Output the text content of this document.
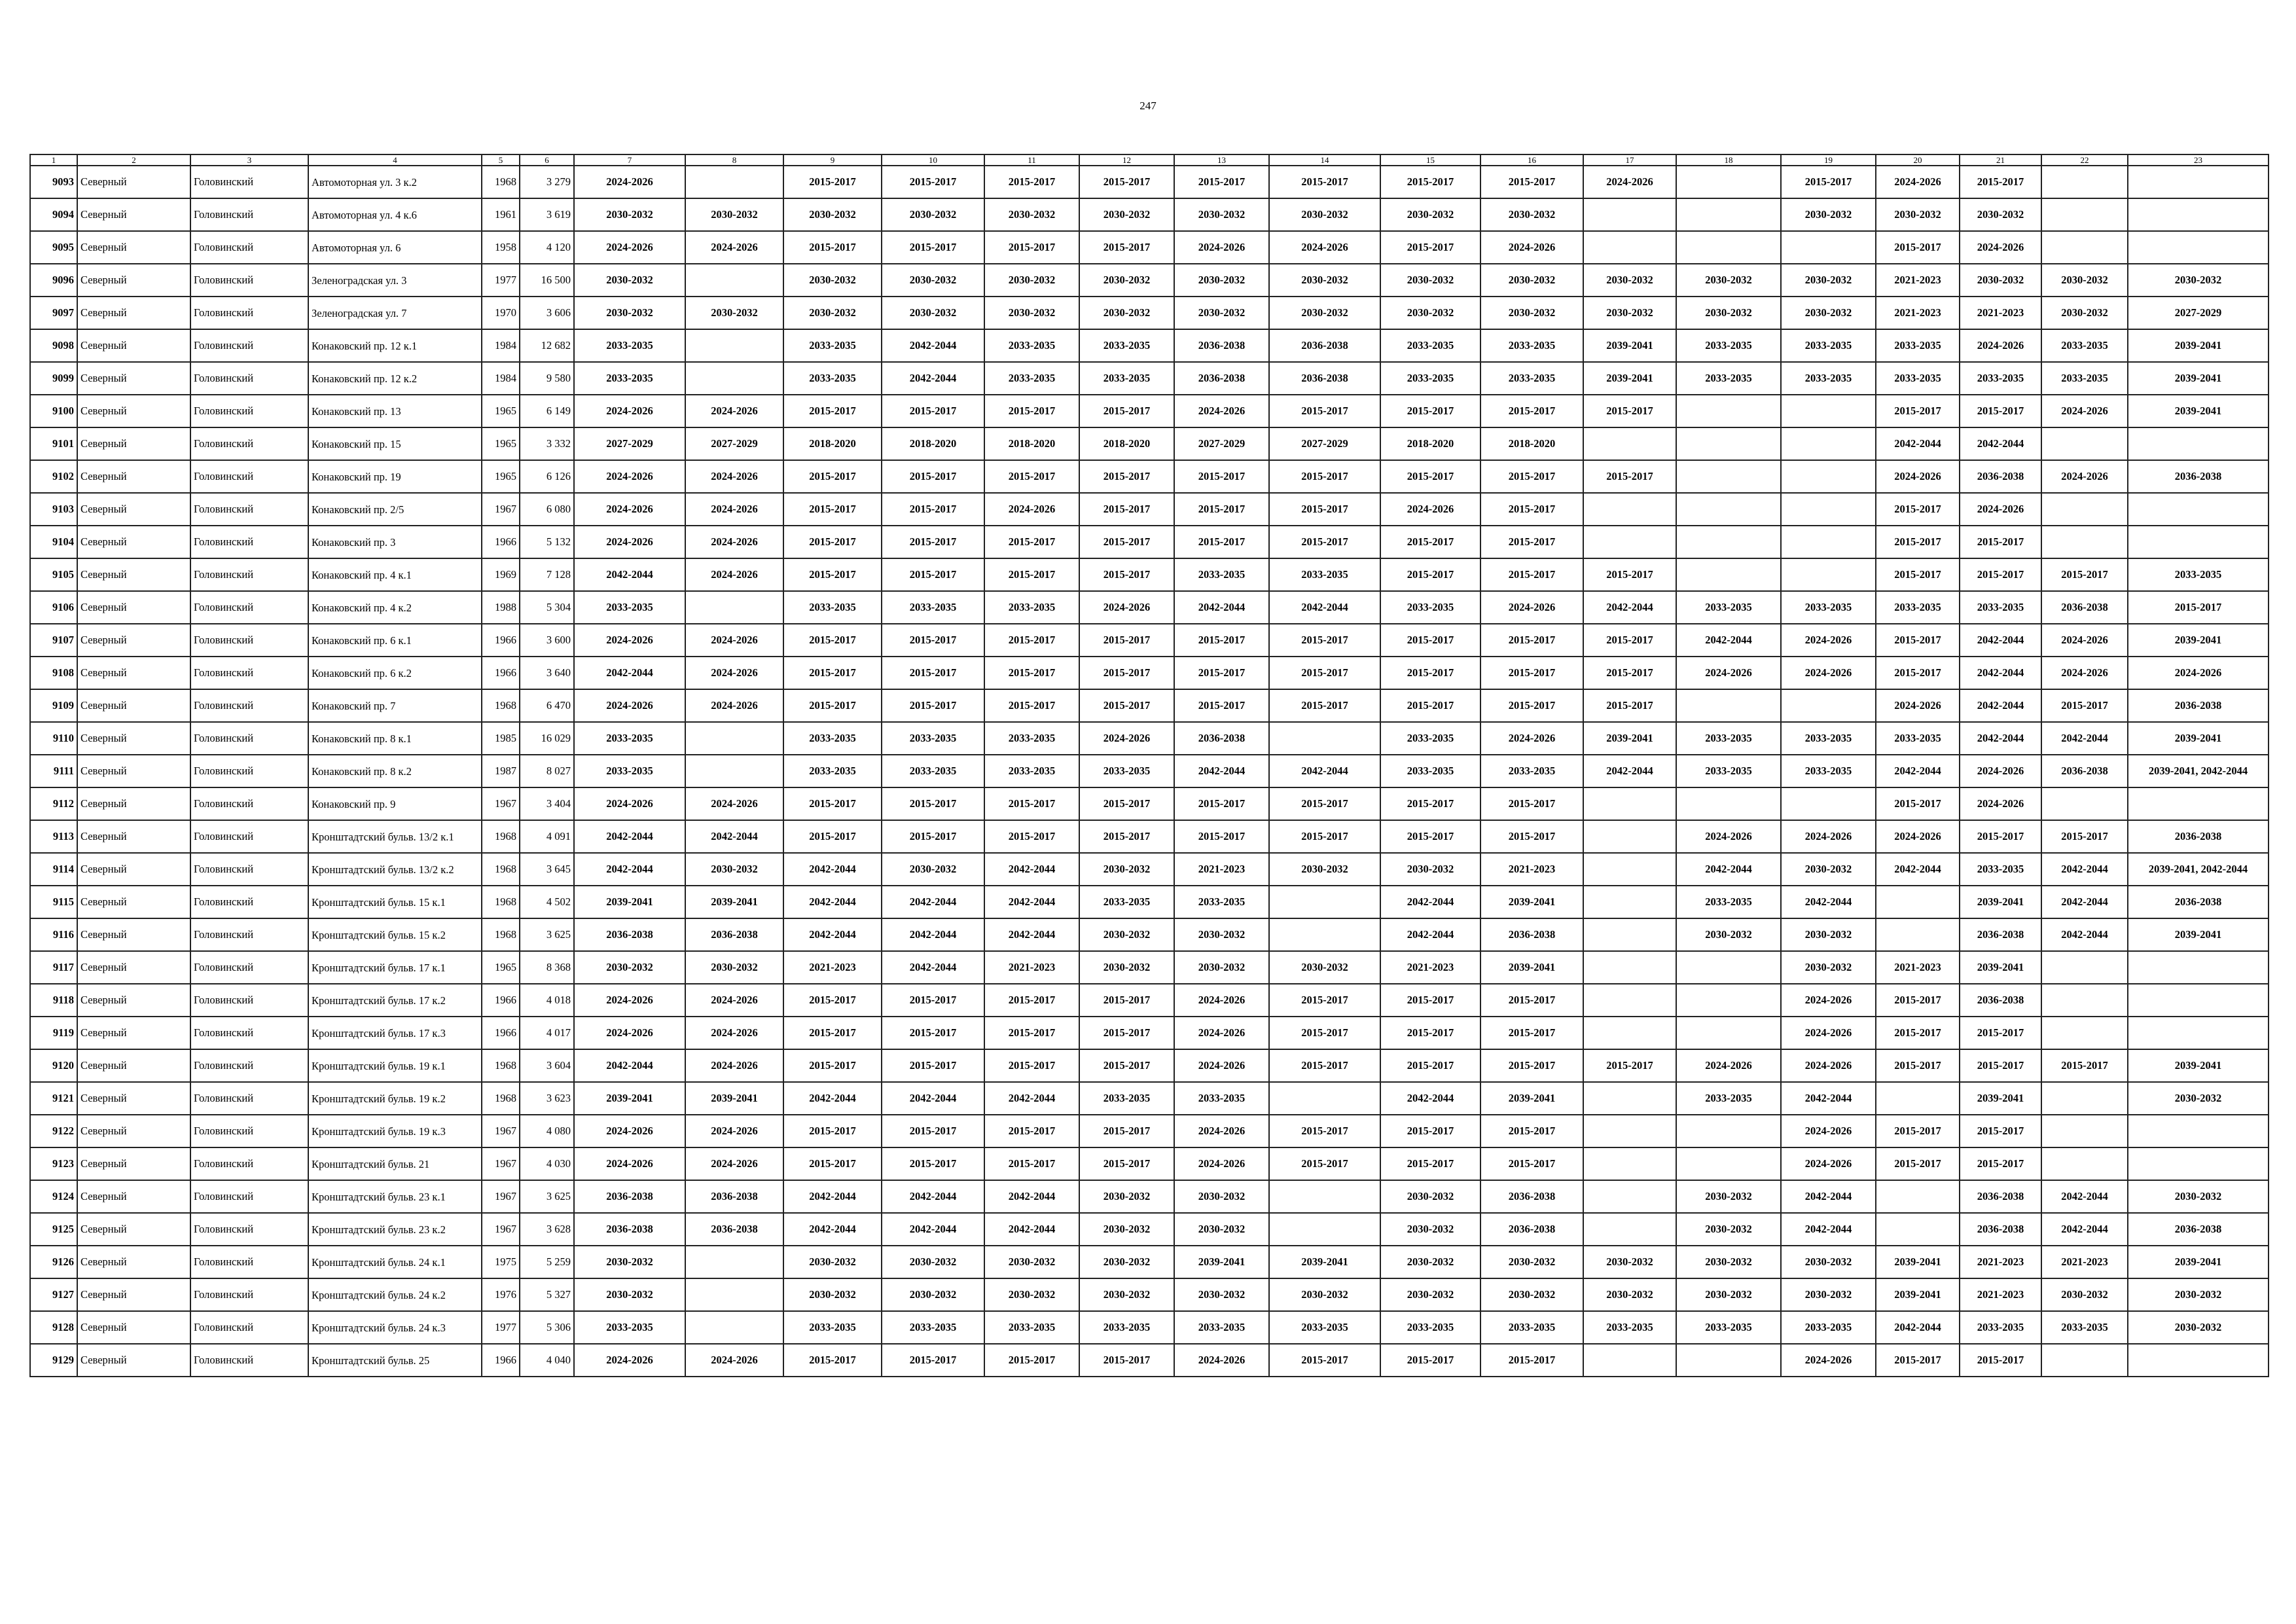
247
1	2	3	4	5	6	7	8	9	10	11	12	13	14	15	16	17	18	19	20	21	22	23
9093	Северный	Головинский	Автомоторная ул. 3 к.2	1968	3 279	2024-2026		2015-2017	2015-2017	2015-2017	2015-2017	2015-2017	2015-2017	2015-2017	2015-2017	2024-2026		2015-2017	2024-2026	2015-2017		
9094	Северный	Головинский	Автомоторная ул. 4 к.6	1961	3 619	2030-2032	2030-2032	2030-2032	2030-2032	2030-2032	2030-2032	2030-2032	2030-2032	2030-2032	2030-2032			2030-2032	2030-2032	2030-2032		
9095	Северный	Головинский	Автомоторная ул. 6	1958	4 120	2024-2026	2024-2026	2015-2017	2015-2017	2015-2017	2015-2017	2024-2026	2024-2026	2015-2017	2024-2026				2015-2017	2024-2026		
9096	Северный	Головинский	Зеленоградская ул. 3	1977	16 500	2030-2032		2030-2032	2030-2032	2030-2032	2030-2032	2030-2032	2030-2032	2030-2032	2030-2032	2030-2032	2030-2032	2030-2032	2021-2023	2030-2032	2030-2032	2030-2032
9097	Северный	Головинский	Зеленоградская ул. 7	1970	3 606	2030-2032	2030-2032	2030-2032	2030-2032	2030-2032	2030-2032	2030-2032	2030-2032	2030-2032	2030-2032	2030-2032	2030-2032	2030-2032	2021-2023	2021-2023	2030-2032	2027-2029
9098	Северный	Головинский	Конаковский пр. 12 к.1	1984	12 682	2033-2035		2033-2035	2042-2044	2033-2035	2033-2035	2036-2038	2036-2038	2033-2035	2033-2035	2039-2041	2033-2035	2033-2035	2033-2035	2024-2026	2033-2035	2039-2041
9099	Северный	Головинский	Конаковский пр. 12 к.2	1984	9 580	2033-2035		2033-2035	2042-2044	2033-2035	2033-2035	2036-2038	2036-2038	2033-2035	2033-2035	2039-2041	2033-2035	2033-2035	2033-2035	2033-2035	2033-2035	2039-2041
9100	Северный	Головинский	Конаковский пр. 13	1965	6 149	2024-2026	2024-2026	2015-2017	2015-2017	2015-2017	2015-2017	2024-2026	2015-2017	2015-2017	2015-2017	2015-2017			2015-2017	2015-2017	2024-2026	2039-2041
9101	Северный	Головинский	Конаковский пр. 15	1965	3 332	2027-2029	2027-2029	2018-2020	2018-2020	2018-2020	2018-2020	2027-2029	2027-2029	2018-2020	2018-2020				2042-2044	2042-2044		
9102	Северный	Головинский	Конаковский пр. 19	1965	6 126	2024-2026	2024-2026	2015-2017	2015-2017	2015-2017	2015-2017	2015-2017	2015-2017	2015-2017	2015-2017	2015-2017			2024-2026	2036-2038	2024-2026	2036-2038
9103	Северный	Головинский	Конаковский пр. 2/5	1967	6 080	2024-2026	2024-2026	2015-2017	2015-2017	2024-2026	2015-2017	2015-2017	2015-2017	2024-2026	2015-2017				2015-2017	2024-2026		
9104	Северный	Головинский	Конаковский пр. 3	1966	5 132	2024-2026	2024-2026	2015-2017	2015-2017	2015-2017	2015-2017	2015-2017	2015-2017	2015-2017	2015-2017				2015-2017	2015-2017		
9105	Северный	Головинский	Конаковский пр. 4 к.1	1969	7 128	2042-2044	2024-2026	2015-2017	2015-2017	2015-2017	2015-2017	2033-2035	2033-2035	2015-2017	2015-2017	2015-2017			2015-2017	2015-2017	2015-2017	2033-2035
9106	Северный	Головинский	Конаковский пр. 4 к.2	1988	5 304	2033-2035		2033-2035	2033-2035	2033-2035	2024-2026	2042-2044	2042-2044	2033-2035	2024-2026	2042-2044	2033-2035	2033-2035	2033-2035	2033-2035	2036-2038	2015-2017
9107	Северный	Головинский	Конаковский пр. 6 к.1	1966	3 600	2024-2026	2024-2026	2015-2017	2015-2017	2015-2017	2015-2017	2015-2017	2015-2017	2015-2017	2015-2017	2015-2017	2042-2044	2024-2026	2015-2017	2042-2044	2024-2026	2039-2041
9108	Северный	Головинский	Конаковский пр. 6 к.2	1966	3 640	2042-2044	2024-2026	2015-2017	2015-2017	2015-2017	2015-2017	2015-2017	2015-2017	2015-2017	2015-2017	2015-2017	2024-2026	2024-2026	2015-2017	2042-2044	2024-2026	2024-2026
9109	Северный	Головинский	Конаковский пр. 7	1968	6 470	2024-2026	2024-2026	2015-2017	2015-2017	2015-2017	2015-2017	2015-2017	2015-2017	2015-2017	2015-2017	2015-2017			2024-2026	2042-2044	2015-2017	2036-2038
9110	Северный	Головинский	Конаковский пр. 8 к.1	1985	16 029	2033-2035		2033-2035	2033-2035	2033-2035	2024-2026	2036-2038		2033-2035	2024-2026	2039-2041	2033-2035	2033-2035	2033-2035	2042-2044	2042-2044	2039-2041
9111	Северный	Головинский	Конаковский пр. 8 к.2	1987	8 027	2033-2035		2033-2035	2033-2035	2033-2035	2033-2035	2042-2044	2042-2044	2033-2035	2033-2035	2042-2044	2033-2035	2033-2035	2042-2044	2024-2026	2036-2038	2039-2041, 2042-2044
9112	Северный	Головинский	Конаковский пр. 9	1967	3 404	2024-2026	2024-2026	2015-2017	2015-2017	2015-2017	2015-2017	2015-2017	2015-2017	2015-2017	2015-2017				2015-2017	2024-2026		
9113	Северный	Головинский	Кронштадтский бульв. 13/2 к.1	1968	4 091	2042-2044	2042-2044	2015-2017	2015-2017	2015-2017	2015-2017	2015-2017	2015-2017	2015-2017	2015-2017		2024-2026	2024-2026	2024-2026	2015-2017	2015-2017	2036-2038
9114	Северный	Головинский	Кронштадтский бульв. 13/2 к.2	1968	3 645	2042-2044	2030-2032	2042-2044	2030-2032	2042-2044	2030-2032	2021-2023	2030-2032	2030-2032	2021-2023		2042-2044	2030-2032	2042-2044	2033-2035	2042-2044	2039-2041, 2042-2044
9115	Северный	Головинский	Кронштадтский бульв. 15 к.1	1968	4 502	2039-2041	2039-2041	2042-2044	2042-2044	2042-2044	2033-2035	2033-2035		2042-2044	2039-2041		2033-2035	2042-2044		2039-2041	2042-2044	2036-2038
9116	Северный	Головинский	Кронштадтский бульв. 15 к.2	1968	3 625	2036-2038	2036-2038	2042-2044	2042-2044	2042-2044	2030-2032	2030-2032		2042-2044	2036-2038		2030-2032	2030-2032		2036-2038	2042-2044	2039-2041
9117	Северный	Головинский	Кронштадтский бульв. 17 к.1	1965	8 368	2030-2032	2030-2032	2021-2023	2042-2044	2021-2023	2030-2032	2030-2032	2030-2032	2021-2023	2039-2041			2030-2032	2021-2023	2039-2041		
9118	Северный	Головинский	Кронштадтский бульв. 17 к.2	1966	4 018	2024-2026	2024-2026	2015-2017	2015-2017	2015-2017	2015-2017	2024-2026	2015-2017	2015-2017	2015-2017			2024-2026	2015-2017	2036-2038		
9119	Северный	Головинский	Кронштадтский бульв. 17 к.3	1966	4 017	2024-2026	2024-2026	2015-2017	2015-2017	2015-2017	2015-2017	2024-2026	2015-2017	2015-2017	2015-2017			2024-2026	2015-2017	2015-2017		
9120	Северный	Головинский	Кронштадтский бульв. 19 к.1	1968	3 604	2042-2044	2024-2026	2015-2017	2015-2017	2015-2017	2015-2017	2024-2026	2015-2017	2015-2017	2015-2017	2015-2017	2024-2026	2024-2026	2015-2017	2015-2017	2015-2017	2039-2041
9121	Северный	Головинский	Кронштадтский бульв. 19 к.2	1968	3 623	2039-2041	2039-2041	2042-2044	2042-2044	2042-2044	2033-2035	2033-2035		2042-2044	2039-2041		2033-2035	2042-2044		2039-2041		2030-2032
9122	Северный	Головинский	Кронштадтский бульв. 19 к.3	1967	4 080	2024-2026	2024-2026	2015-2017	2015-2017	2015-2017	2015-2017	2024-2026	2015-2017	2015-2017	2015-2017			2024-2026	2015-2017	2015-2017		
9123	Северный	Головинский	Кронштадтский бульв. 21	1967	4 030	2024-2026	2024-2026	2015-2017	2015-2017	2015-2017	2015-2017	2024-2026	2015-2017	2015-2017	2015-2017			2024-2026	2015-2017	2015-2017		
9124	Северный	Головинский	Кронштадтский бульв. 23 к.1	1967	3 625	2036-2038	2036-2038	2042-2044	2042-2044	2042-2044	2030-2032	2030-2032		2030-2032	2036-2038		2030-2032	2042-2044		2036-2038	2042-2044	2030-2032
9125	Северный	Головинский	Кронштадтский бульв. 23 к.2	1967	3 628	2036-2038	2036-2038	2042-2044	2042-2044	2042-2044	2030-2032	2030-2032		2030-2032	2036-2038		2030-2032	2042-2044		2036-2038	2042-2044	2036-2038
9126	Северный	Головинский	Кронштадтский бульв. 24 к.1	1975	5 259	2030-2032		2030-2032	2030-2032	2030-2032	2030-2032	2039-2041	2039-2041	2030-2032	2030-2032	2030-2032	2030-2032	2030-2032	2039-2041	2021-2023	2021-2023	2039-2041
9127	Северный	Головинский	Кронштадтский бульв. 24 к.2	1976	5 327	2030-2032		2030-2032	2030-2032	2030-2032	2030-2032	2030-2032	2030-2032	2030-2032	2030-2032	2030-2032	2030-2032	2030-2032	2039-2041	2021-2023	2030-2032	2030-2032
9128	Северный	Головинский	Кронштадтский бульв. 24 к.3	1977	5 306	2033-2035		2033-2035	2033-2035	2033-2035	2033-2035	2033-2035	2033-2035	2033-2035	2033-2035	2033-2035	2033-2035	2033-2035	2042-2044	2033-2035	2033-2035	2030-2032
9129	Северный	Головинский	Кронштадтский бульв. 25	1966	4 040	2024-2026	2024-2026	2015-2017	2015-2017	2015-2017	2015-2017	2024-2026	2015-2017	2015-2017	2015-2017			2024-2026	2015-2017	2015-2017		
